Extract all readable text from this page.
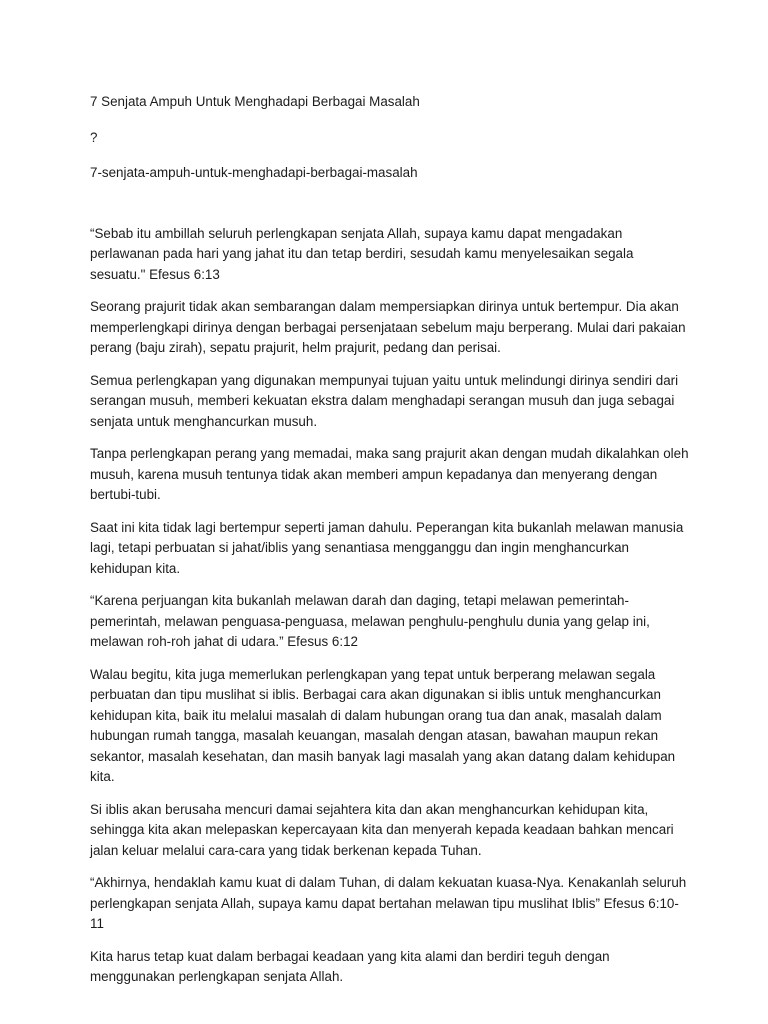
7 Senjata Ampuh Untuk Menghadapi Berbagai Masalah

?

7-senjata-ampuh-untuk-menghadapi-berbagai-masalah

“Sebab itu ambillah seluruh perlengkapan senjata Allah, supaya kamu dapat mengadakan perlawanan pada hari yang jahat itu dan tetap berdiri, sesudah kamu menyelesaikan segala sesuatu." Efesus 6:13

Seorang prajurit tidak akan sembarangan dalam mempersiapkan dirinya untuk bertempur. Dia akan memperlengkapi dirinya dengan berbagai persenjataan sebelum maju berperang. Mulai dari pakaian perang (baju zirah), sepatu prajurit, helm prajurit, pedang dan perisai.

Semua perlengkapan yang digunakan mempunyai tujuan yaitu untuk melindungi dirinya sendiri dari serangan musuh, memberi kekuatan ekstra dalam menghadapi serangan musuh dan juga sebagai senjata untuk menghancurkan musuh.

Tanpa perlengkapan perang yang memadai, maka sang prajurit akan dengan mudah dikalahkan oleh musuh, karena musuh tentunya tidak akan memberi ampun kepadanya dan menyerang dengan bertubi-tubi.

Saat ini kita tidak lagi bertempur seperti jaman dahulu. Peperangan kita bukanlah melawan manusia lagi, tetapi perbuatan si jahat/iblis yang senantiasa mengganggu dan ingin menghancurkan kehidupan kita.

“Karena perjuangan kita bukanlah melawan darah dan daging, tetapi melawan pemerintah-pemerintah, melawan penguasa-penguasa, melawan penghulu-penghulu dunia yang gelap ini, melawan roh-roh jahat di udara.” Efesus 6:12

Walau begitu, kita juga memerlukan perlengkapan yang tepat untuk berperang melawan segala perbuatan dan tipu muslihat si iblis. Berbagai cara akan digunakan si iblis untuk menghancurkan kehidupan kita, baik itu melalui masalah di dalam hubungan orang tua dan anak, masalah dalam hubungan rumah tangga, masalah keuangan, masalah dengan atasan, bawahan maupun rekan sekantor, masalah kesehatan, dan masih banyak lagi masalah yang akan datang dalam kehidupan kita.

Si iblis akan berusaha mencuri damai sejahtera kita dan akan menghancurkan kehidupan kita, sehingga kita akan melepaskan kepercayaan kita dan menyerah kepada keadaan bahkan mencari jalan keluar melalui cara-cara yang tidak berkenan kepada Tuhan.

“Akhirnya, hendaklah kamu kuat di dalam Tuhan, di dalam kekuatan kuasa-Nya. Kenakanlah seluruh perlengkapan senjata Allah, supaya kamu dapat bertahan melawan tipu muslihat Iblis” Efesus 6:10-11

Kita harus tetap kuat dalam berbagai keadaan yang kita alami dan berdiri teguh dengan menggunakan perlengkapan senjata Allah.
